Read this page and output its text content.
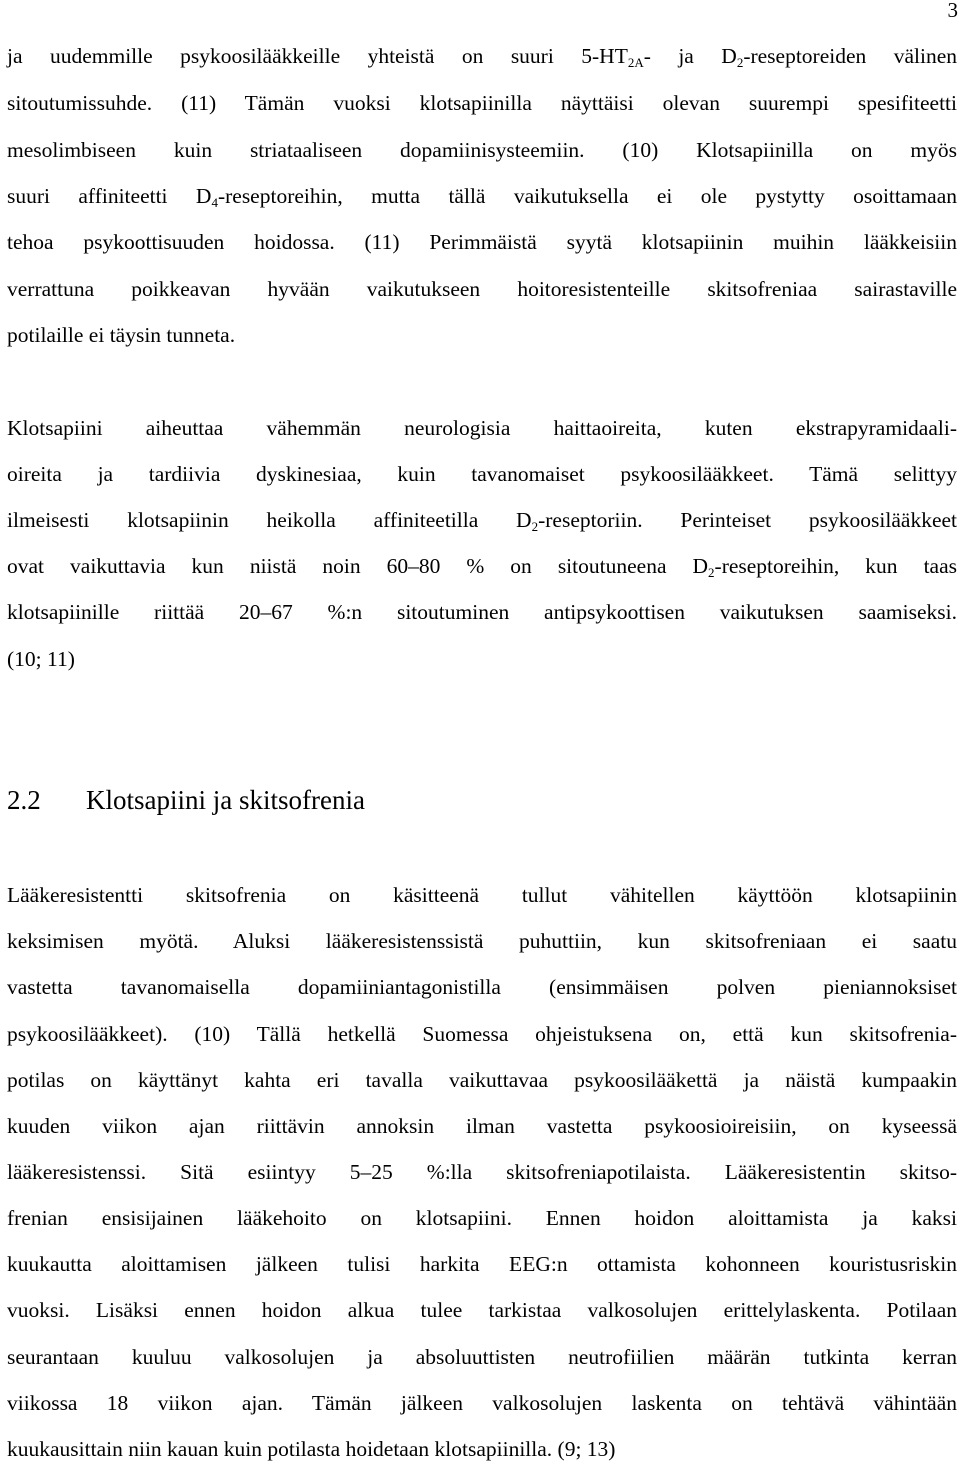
3
ja uudemmille psykoosilääkkeille yhteistä on suuri $5-HT_{2A}-$ ja $D_2$-reseptoreiden välinen
sitoutumissuhde. (11) Tämän vuoksi klotsapiinilla näyttäisi olevan suurempi spesifiteetti
mesolimbiseen kuin striataaliseen dopamiinisysteemiin. (10) Klotsapiinilla on myös
suuri affiniteetti $D_4$-reseptoreihin, mutta tällä vaikutuksella ei ole pystytty osoittamaan
tehoa psykoottisuuden hoidossa. (11) Perimmäistä syytä klotsapiinin muihin lääkkeisiin
verrattuna poikkeavan hyvään vaikutukseen hoitoresistenteille skitsofreniaa sairastaville
potilaille ei täysin tunneta.
Klotsapiini aiheuttaa vähemmän neurologisia haittaoireita, kuten ekstrapyramidaali-
oireita ja tardiivia dyskinesiaa, kuin tavanomaiset psykoosilääkkeet. Tämä selittyy
ilmeisesti klotsapiinin heikolla affiniteetilla $D_2$-reseptoriin. Perinteiset psykoosilääkkeet
ovat vaikuttavia kun niistä noin 60–80 % on sitoutuneena $D_2$-reseptoreihin, kun taas
klotsapiinille riittää 20–67 %:n sitoutuminen antipsykoottisen vaikutuksen saamiseksi.
(10; 11)
2.2 Klotsapiini ja skitsofrenia
Lääkeresistentti skitsofrenia on käsitteenä tullut vähitellen käyttöön klotsapiinin
keksimisen myötä. Aluksi lääkeresistenssistä puhuttiin, kun skitsofreniaan ei saatu
vastetta tavanomaisella dopamiiniantagonistilla (ensimmäisen polven pieniannoksiset
psykoosilääkkeet). (10) Tällä hetkellä Suomessa ohjeistuksena on, että kun skitsofrenia-
potilas on käyttänyt kahta eri tavalla vaikuttavaa psykoosilääkettä ja näistä kumpaakin
kuuden viikon ajan riittävin annoksin ilman vastetta psykoosioireisiin, on kyseessä
lääkeresistenssi. Sitä esiintyy 5–25 %:lla skitsofreniapotilaista. Lääkeresistentin skitso-
frenian ensisijainen lääkehoito on klotsapiini. Ennen hoidon aloittamista ja kaksi
kuukautta aloittamisen jälkeen tulisi harkita EEG:n ottamista kohonneen kouristusriskin
vuoksi. Lisäksi ennen hoidon alkua tulee tarkistaa valkosolujen erittelylaskenta. Potilaan
seurantaan kuuluu valkosolujen ja absoluuttisten neutrofiilien määrän tutkinta kerran
viikossa 18 viikon ajan. Tämän jälkeen valkosolujen laskenta on tehtävä vähintään
kuukausittain niin kauan kuin potilasta hoidetaan klotsapiinilla. (9; 13)
